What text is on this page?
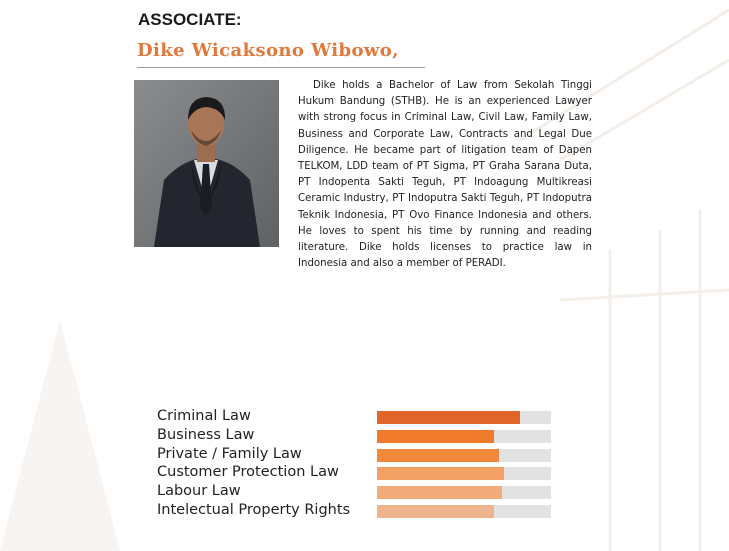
ASSOCIATE:
Dike Wicaksono Wibowo,

Dike holds a Bachelor of Law from Sekolah Tinggi Hukum Bandung (STHB). He is an experienced Lawyer with strong focus in Criminal Law, Civil Law, Family Law, Business and Corporate Law, Contracts and Legal Due Diligence. He became part of litigation team of Dapen TELKOM, LDD team of PT Sigma, PT Graha Sarana Duta, PT Indopenta Sakti Teguh, PT Indoagung Multikreasi Ceramic Industry, PT Indoputra Sakti Teguh, PT Indoputra Teknik Indonesia, PT Ovo Finance Indonesia and others. He loves to spent his time by running and reading literature. Dike holds licenses to practice law in Indonesia and also a member of PERADI.

Criminal Law
Business Law
Private / Family Law
Customer Protection Law
Labour Law
Intelectual Property Rights
